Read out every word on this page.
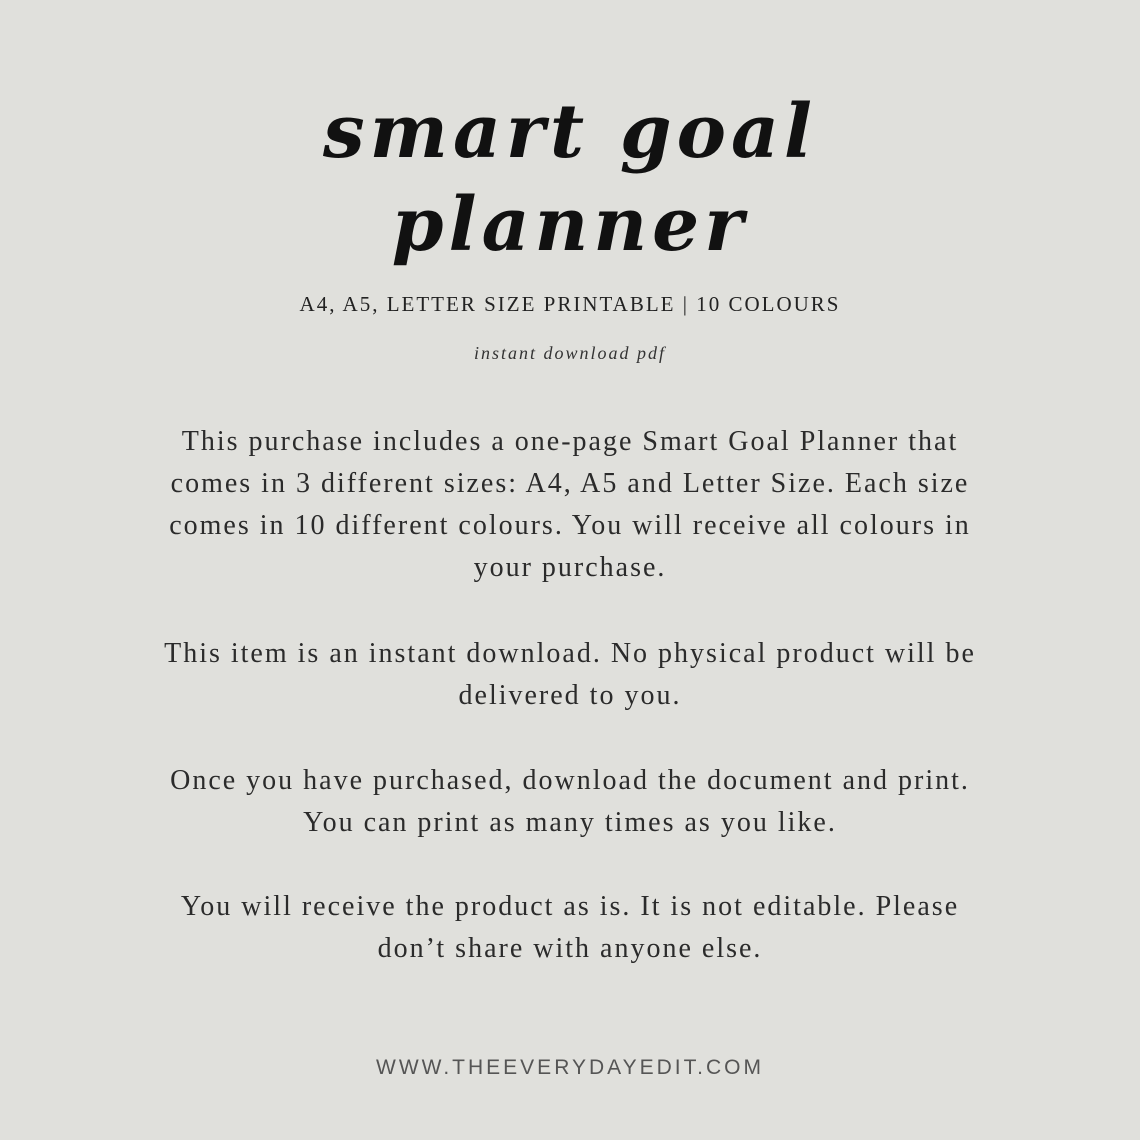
smart goal
planner
A4, A5, LETTER SIZE PRINTABLE | 10 COLOURS
instant download pdf
This purchase includes a one-page Smart Goal Planner that
comes in 3 different sizes: A4, A5 and Letter Size. Each size
comes in 10 different colours. You will receive all colours in
your purchase.
This item is an instant download. No physical product will be
delivered to you.
Once you have purchased, download the document and print.
You can print as many times as you like.
You will receive the product as is. It is not editable. Please
don’t share with anyone else.
WWW.THEEVERYDAYEDIT.COM
